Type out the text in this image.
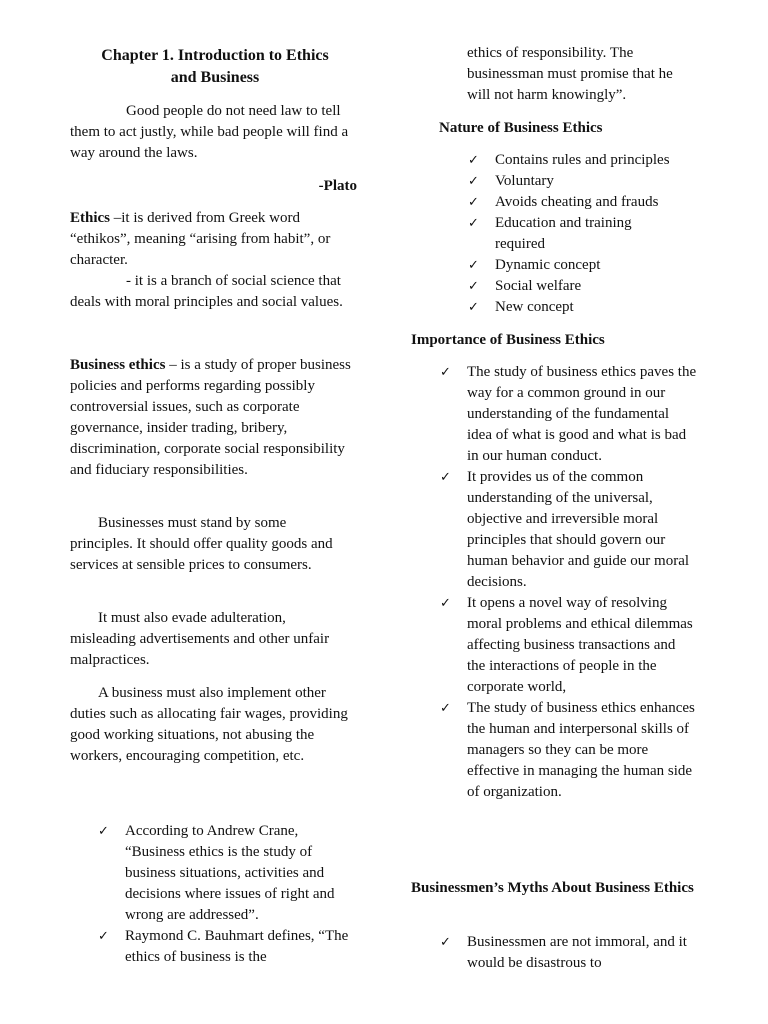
Chapter 1. Introduction to Ethics
and Business

Good people do not need law to tell them to act justly, while bad people will find a way around the laws.

-Plato

Ethics –it is derived from Greek word “ethikos”, meaning “arising from habit”, or character.

- it is a branch of social science that deals with moral principles and social values.

Business ethics – is a study of proper business policies and performs regarding possibly controversial issues, such as corporate governance, insider trading, bribery, discrimination, corporate social responsibility and fiduciary responsibilities.

Businesses must stand by some principles. It should offer quality goods and services at sensible prices to consumers.

It must also evade adulteration, misleading advertisements and other unfair malpractices.

A business must also implement other duties such as allocating fair wages, providing good working situations, not abusing the workers, encouraging competition, etc.

✓ According to Andrew Crane, “Business ethics is the study of business situations, activities and decisions where issues of right and wrong are addressed”.
✓ Raymond C. Bauhmart defines, “The ethics of business is the

ethics of responsibility. The businessman must promise that he will not harm knowingly”.

Nature of Business Ethics

✓ Contains rules and principles
✓ Voluntary
✓ Avoids cheating and frauds
✓ Education and training required
✓ Dynamic concept
✓ Social welfare
✓ New concept

Importance of Business Ethics

✓ The study of business ethics paves the way for a common ground in our understanding of the fundamental idea of what is good and what is bad in our human conduct.
✓ It provides us of the common understanding of the universal, objective and irreversible moral principles that should govern our human behavior and guide our moral decisions.
✓ It opens a novel way of resolving moral problems and ethical dilemmas affecting business transactions and the interactions of people in the corporate world,
✓ The study of business ethics enhances the human and interpersonal skills of managers so they can be more effective in managing the human side of organization.

Businessmen’s Myths About Business Ethics

✓ Businessmen are not immoral, and it would be disastrous to
